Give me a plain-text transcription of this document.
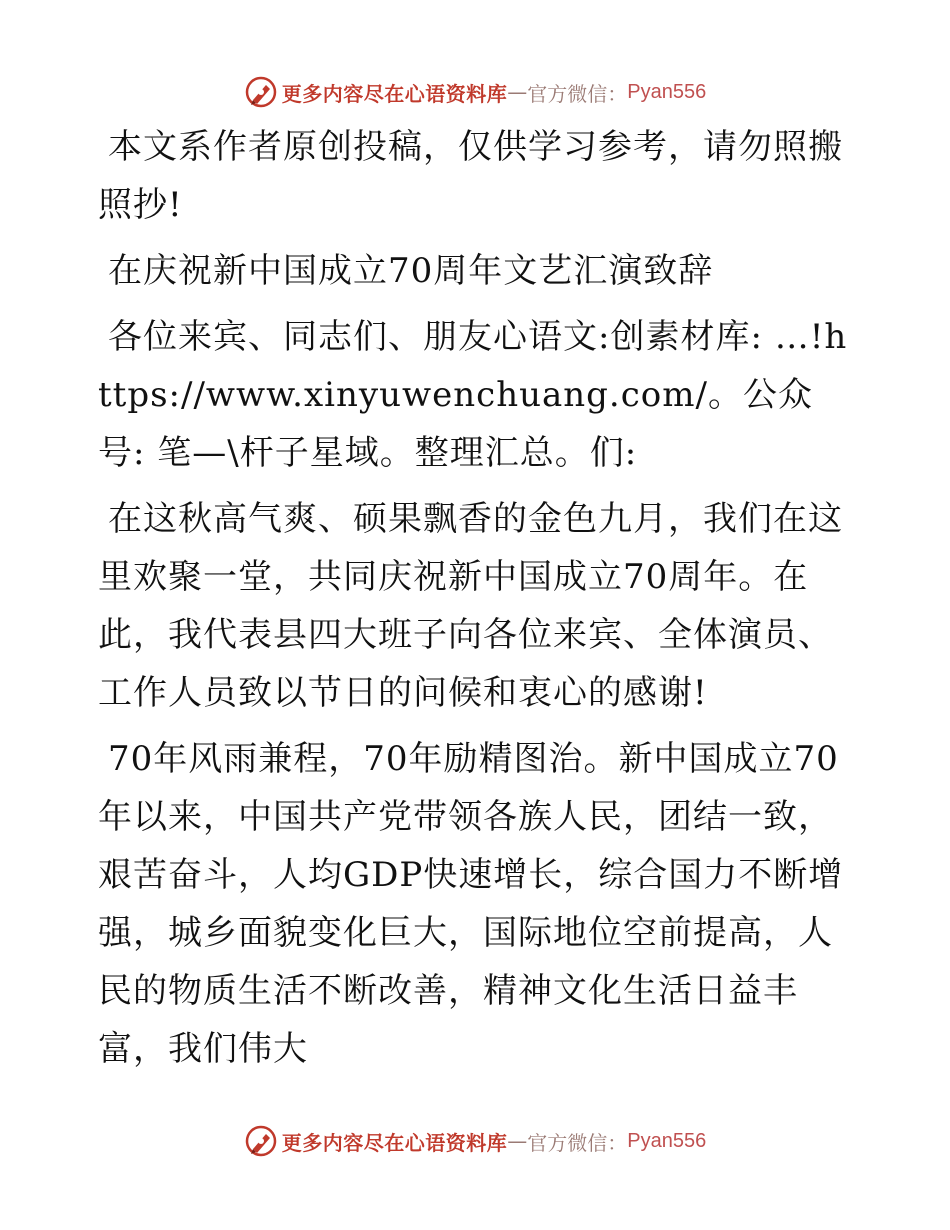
更多内容尽在心语资料库 — 官方微信： Pyan556

本文系作者原创投稿，仅供学习参考，请勿照搬照抄!

在庆祝新中国成立70周年文艺汇演致辞

各位来宾、同志们、朋友心语文:创素材库: …!https://www.xinyuwenchuang.com/。公众号: 笔—\杆子星域。整理汇总。们:

在这秋高气爽、硕果飘香的金色九月，我们在这里欢聚一堂，共同庆祝新中国成立70周年。在此，我代表县四大班子向各位来宾、全体演员、工作人员致以节日的问候和衷心的感谢!

70年风雨兼程，70年励精图治。新中国成立70年以来，中国共产党带领各族人民，团结一致，艰苦奋斗，人均GDP快速增长，综合国力不断增强，城乡面貌变化巨大，国际地位空前提高，人民的物质生活不断改善，精神文化生活日益丰富，我们伟大

更多内容尽在心语资料库 — 官方微信： Pyan556
